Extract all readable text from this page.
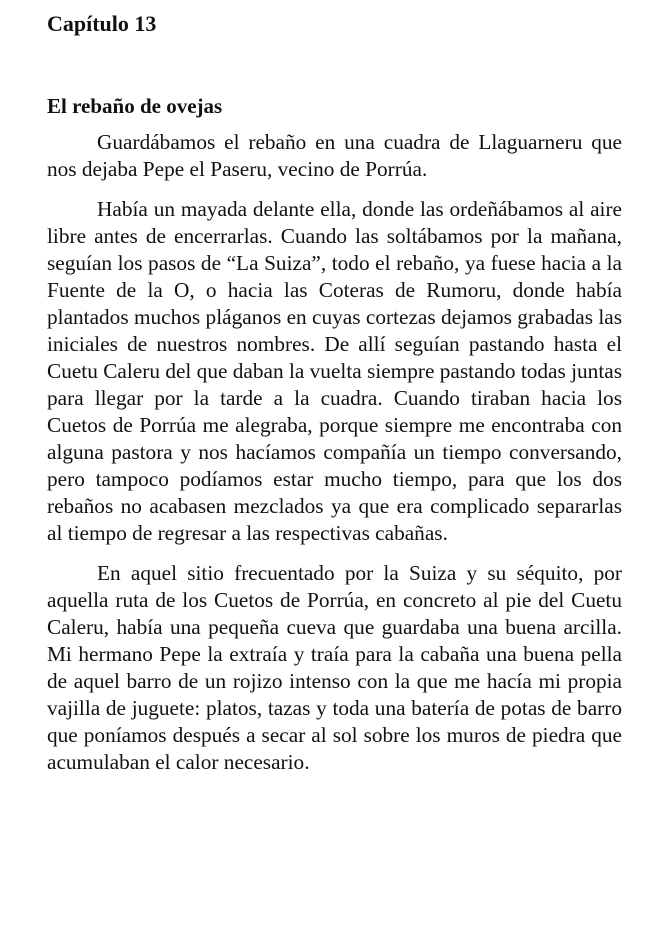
Capítulo 13
El rebaño de ovejas

Guardábamos el rebaño en una cuadra de Llaguarneru que nos dejaba Pepe el Paseru, vecino de Porrúa.

Había un mayada delante ella, donde las ordeñábamos al aire libre antes de encerrarlas. Cuando las soltábamos por la mañana, seguían los pasos de “La Suiza”, todo el rebaño, ya fuese hacia a la Fuente de la O, o hacia las Coteras de Rumoru, donde había plantados muchos pláganos en cuyas cortezas dejamos grabadas las iniciales de nuestros nombres. De allí seguían pastando hasta el Cuetu Caleru del que daban la vuelta siempre pastando todas juntas para llegar por la tarde a la cuadra. Cuando tiraban hacia los Cuetos de Porrúa me alegraba, porque siempre me encontraba con alguna pastora y nos hacíamos compañía un tiempo conversando, pero tampoco podíamos estar mucho tiempo, para que los dos rebaños no acabasen mezclados ya que era complicado separarlas al tiempo de regresar a las respectivas cabañas.

En aquel sitio frecuentado por la Suiza y su séquito, por aquella ruta de los Cuetos de Porrúa, en concreto al pie del Cuetu Caleru, había una pequeña cueva que guardaba una buena arcilla. Mi hermano Pepe la extraía y traía para la cabaña una buena pella de aquel barro de un rojizo intenso con la que me hacía mi propia vajilla de juguete: platos, tazas y toda una batería de potas de barro que poníamos después a secar al sol sobre los muros de piedra que acumulaban el calor necesario.
